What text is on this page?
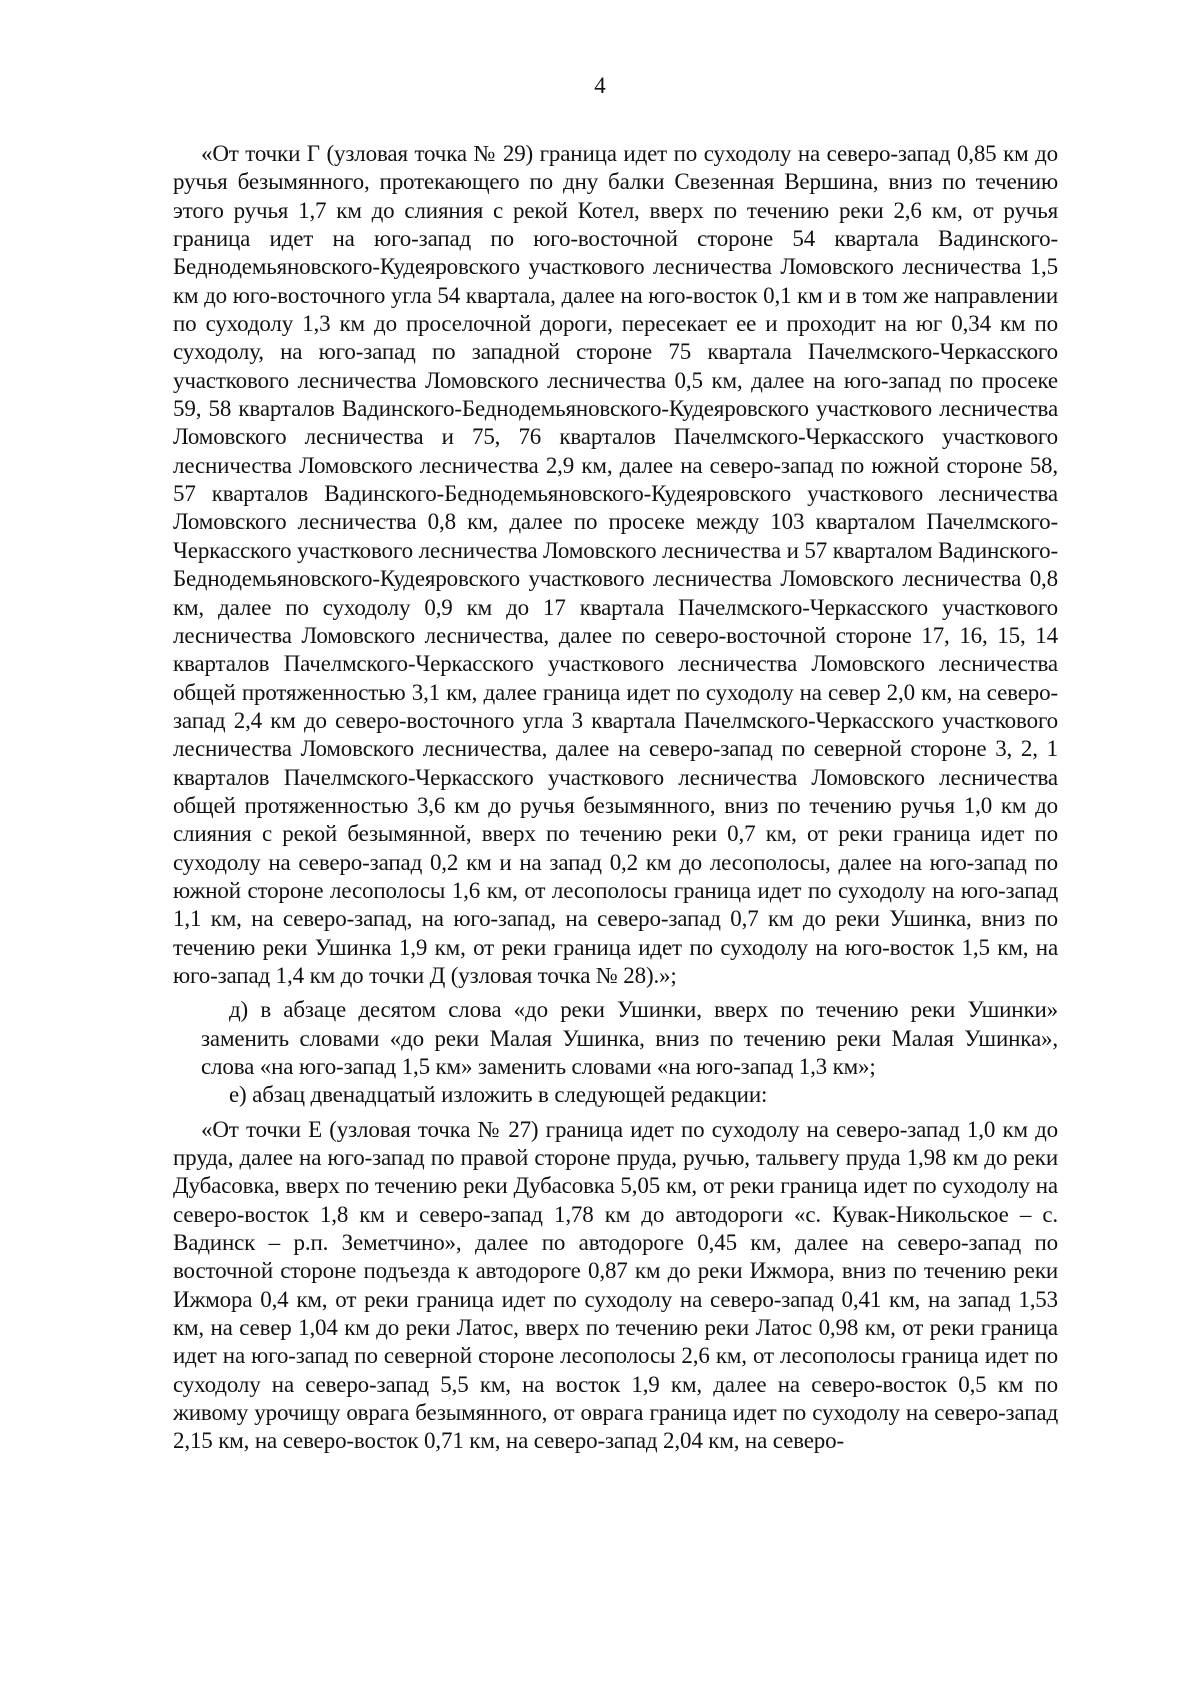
4

«От точки Г (узловая точка № 29) граница идет по суходолу на северо-запад 0,85 км до ручья безымянного, протекающего по дну балки Свезенная Вершина, вниз по течению этого ручья 1,7 км до слияния с рекой Котел, вверх по течению реки 2,6 км, от ручья граница идет на юго-запад по юго-восточной стороне 54 квартала Вадинского-Беднодемьяновского-Кудеяровского участкового лесничества Ломовского лесничества 1,5 км до юго-восточного угла 54 квартала, далее на юго-восток 0,1 км и в том же направлении по суходолу 1,3 км до проселочной дороги, пересекает ее и проходит на юг 0,34 км по суходолу, на юго-запад по западной стороне 75 квартала Пачелмского-Черкасского участкового лесничества Ломовского лесничества 0,5 км, далее на юго-запад по просеке 59, 58 кварталов Вадинского-Беднодемьяновского-Кудеяровского участкового лесничества Ломовского лесничества и 75, 76 кварталов Пачелмского-Черкасского участкового лесничества Ломовского лесничества 2,9 км, далее на северо-запад по южной стороне 58, 57 кварталов Вадинского-Беднодемьяновского-Кудеяровского участкового лесничества Ломовского лесничества 0,8 км, далее по просеке между 103 кварталом Пачелмского-Черкасского участкового лесничества Ломовского лесничества и 57 кварталом Вадинского-Беднодемьяновского-Кудеяровского участкового лесничества Ломовского лесничества 0,8 км, далее по суходолу 0,9 км до 17 квартала Пачелмского-Черкасского участкового лесничества Ломовского лесничества, далее по северо-восточной стороне 17, 16, 15, 14 кварталов Пачелмского-Черкасского участкового лесничества Ломовского лесничества общей протяженностью 3,1 км, далее граница идет по суходолу на север 2,0 км, на северо-запад 2,4 км до северо-восточного угла 3 квартала Пачелмского-Черкасского участкового лесничества Ломовского лесничества, далее на северо-запад по северной стороне 3, 2, 1 кварталов Пачелмского-Черкасского участкового лесничества Ломовского лесничества общей протяженностью 3,6 км до ручья безымянного, вниз по течению ручья 1,0 км до слияния с рекой безымянной, вверх по течению реки 0,7 км, от реки граница идет по суходолу на северо-запад 0,2 км и на запад 0,2 км до лесополосы, далее на юго-запад по южной стороне лесополосы 1,6 км, от лесополосы граница идет по суходолу на юго-запад 1,1 км, на северо-запад, на юго-запад, на северо-запад 0,7 км до реки Ушинка, вниз по течению реки Ушинка 1,9 км, от реки граница идет по суходолу на юго-восток 1,5 км, на юго-запад 1,4 км до точки Д (узловая точка № 28).»;

д) в абзаце десятом слова «до реки Ушинки, вверх по течению реки Ушинки» заменить словами «до реки Малая Ушинка, вниз по течению реки Малая Ушинка», слова «на юго-запад 1,5 км» заменить словами «на юго-запад 1,3 км»;

е) абзац двенадцатый изложить в следующей редакции:

«От точки Е (узловая точка № 27) граница идет по суходолу на северо-запад 1,0 км до пруда, далее на юго-запад по правой стороне пруда, ручью, тальвегу пруда 1,98 км до реки Дубасовка, вверх по течению реки Дубасовка 5,05 км, от реки граница идет по суходолу на северо-восток 1,8 км и северо-запад 1,78 км до автодороги «с. Кувак-Никольское – с. Вадинск – р.п. Земетчино», далее по автодороге 0,45 км, далее на северо-запад по восточной стороне подъезда к автодороге 0,87 км до реки Ижмора, вниз по течению реки Ижмора 0,4 км, от реки граница идет по суходолу на северо-запад 0,41 км, на запад 1,53 км, на север 1,04 км до реки Латос, вверх по течению реки Латос 0,98 км, от реки граница идет на юго-запад по северной стороне лесополосы 2,6 км, от лесополосы граница идет по суходолу на северо-запад 5,5 км, на восток 1,9 км, далее на северо-восток 0,5 км по живому урочищу оврага безымянного, от оврага граница идет по суходолу на северо-запад 2,15 км, на северо-восток 0,71 км, на северо-запад 2,04 км, на северо-
